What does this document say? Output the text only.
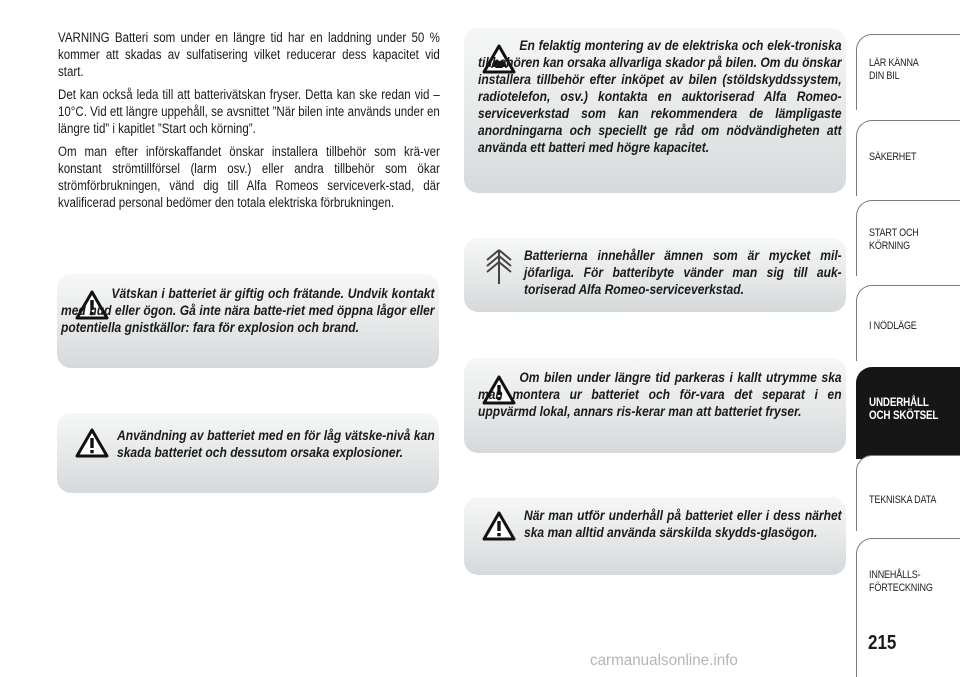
VARNING Batteri som under en längre tid har en laddning under 50 % kommer att skadas av sulfatisering vilket reducerar dess kapacitet vid start.

Det kan också leda till att batterivätskan fryser. Detta kan ske redan vid –10°C. Vid ett längre uppehåll, se avsnittet ”När bilen inte används under en längre tid” i kapitlet ”Start och körning”.

Om man efter införskaffandet önskar installera tillbehör som krä-ver konstant strömtillförsel (larm osv.) eller andra tillbehör som ökar strömförbrukningen, vänd dig till Alfa Romeos serviceverk-stad, där kvalificerad personal bedömer den totala elektriska förbrukningen.

Vätskan i batteriet är giftig och frätande. Undvik kontakt med hud eller ögon. Gå inte nära batte-riet med öppna lågor eller potentiella gnistkällor: fara för explosion och brand.
Användning av batteriet med en för låg vätske-nivå kan skada batteriet och dessutom orsaka explosioner.
En felaktig montering av de elektriska och elek-troniska tillbehören kan orsaka allvarliga skador på bilen. Om du önskar installera tillbehör efter inköpet av bilen (stöldskyddssystem, radiotelefon, osv.) kontakta en auktoriserad Alfa Romeo-serviceverkstad som kan rekommendera de lämpligaste anordningarna och speciellt ge råd om nödvändigheten att använda ett batteri med högre kapacitet.
Batterierna innehåller ämnen som är mycket mil-jöfarliga. För batteribyte vänder man sig till auk-toriserad Alfa Romeo-serviceverkstad.
Om bilen under längre tid parkeras i kallt utrymme ska man montera ur batteriet och för-vara det separat i en uppvärmd lokal, annars ris-kerar man att batteriet fryser.
När man utför underhåll på batteriet eller i dess närhet ska man alltid använda särskilda skydds-glasögon.
LÄR KÄNNA
DIN BIL
SÄKERHET
START OCH
KÖRNING
I NÖDLÄGE
UNDERHÅLL
OCH SKÖTSEL
TEKNISKA DATA
INNEHÅLLS-
FÖRTECKNING
215
carmanualsonline.info
